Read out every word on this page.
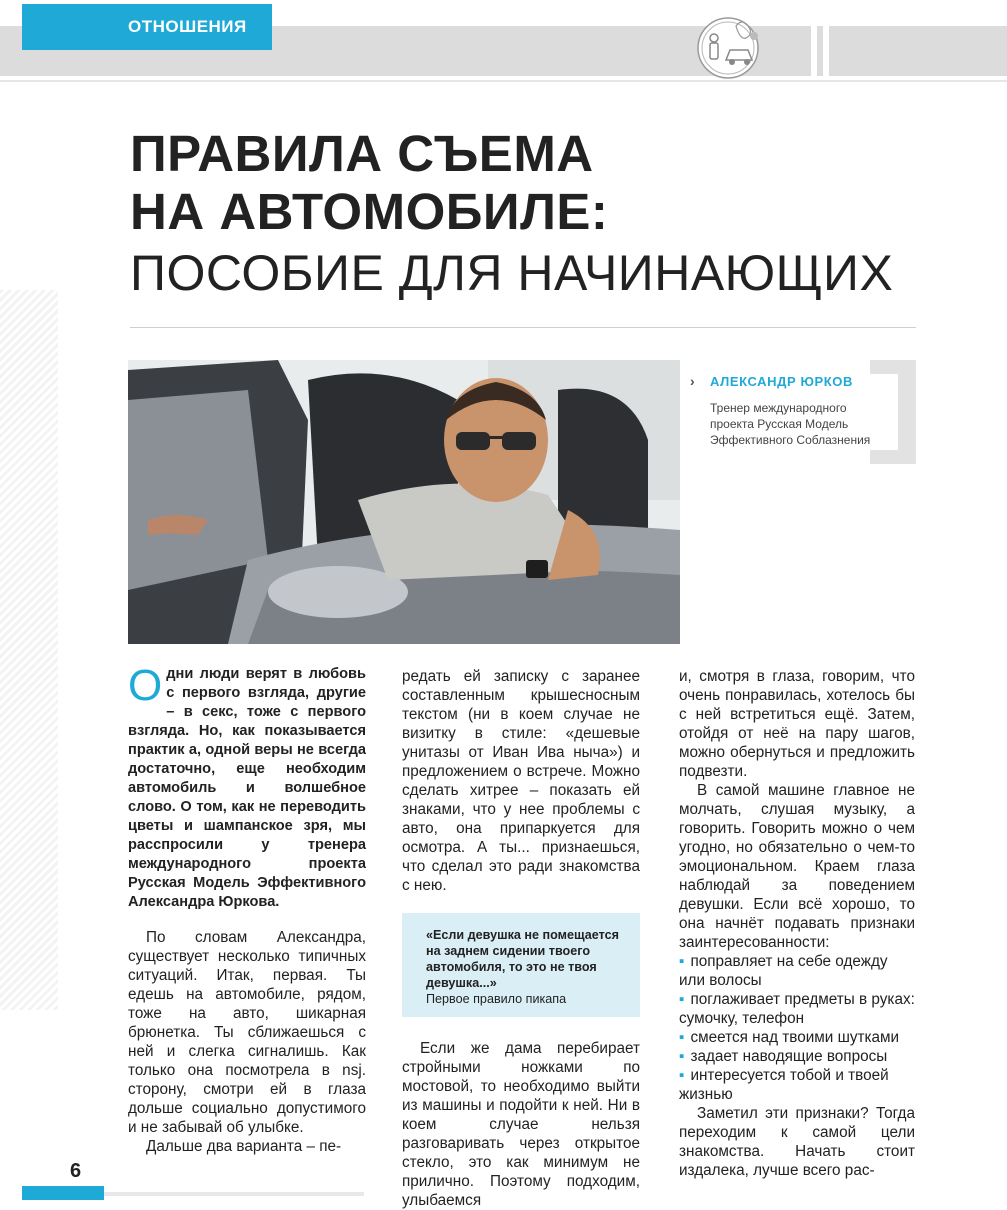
ОТНОШЕНИЯ
ПРАВИЛА СЪЕМА
НА АВТОМОБИЛЕ:
ПОСОБИЕ ДЛЯ НАЧИНАЮЩИХ
› АЛЕКСАНДР ЮРКОВ
Тренер международного проекта Русская Модель Эффективного Соблазнения

Одни люди верят в любовь с первого взгляда, другие – в секс, тоже с первого взгляда. Но, как показывается практик а, одной веры не всегда достаточно, еще необходим автомобиль и волшебное слово. О том, как не переводить цветы и шампанское зря, мы расспросили у тренера международного проекта Русская Модель Эффективного Александра Юркова.

По словам Александра, существует несколько типичных ситуаций. Итак, первая. Ты едешь на автомобиле, рядом, тоже на авто, шикарная брюнетка. Ты сближаешься с ней и слегка сигналишь. Как только она посмотрела в nsj. сторону, смотри ей в глаза дольше социально допустимого и не забывай об улыбке.

Дальше два варианта – пе-

редать ей записку с заранее составленным крышесносным текстом (ни в коем случае не визитку в стиле: «дешевые унитазы от Иван Ива ныча») и предложением о встрече. Можно сделать хитрее – показать ей знаками, что у нее проблемы с авто, она припаркуется для осмотра. А ты... признаешься, что сделал это ради знакомства с нею.

«Если девушка не помещается на заднем сидении твоего автомобиля, то это не твоя девушка...»
Первое правило пикапа

Если же дама перебирает стройными ножками по мостовой, то необходимо выйти из машины и подойти к ней. Ни в коем случае нельзя разговаривать через открытое стекло, это как минимум не прилично. Поэтому подходим, улыбаемся

и, смотря в глаза, говорим, что очень понравилась, хотелось бы с ней встретиться ещё. Затем, отойдя от неё на пару шагов, можно обернуться и предложить подвезти.

В самой машине главное не молчать, слушая музыку, а говорить. Говорить можно о чем угодно, но обязательно о чем-то эмоциональном. Краем глаза наблюдай за поведением девушки. Если всё хорошо, то она начнёт подавать признаки заинтересованности:

▪ поправляет на себе одежду или волосы
▪ поглаживает предметы в руках: сумочку, телефон
▪ смеется над твоими шутками
▪ задает наводящие вопросы
▪ интересуется тобой и твоей жизнью

Заметил эти признаки? Тогда переходим к самой цели знакомства. Начать стоит издалека, лучше всего рас-

6
